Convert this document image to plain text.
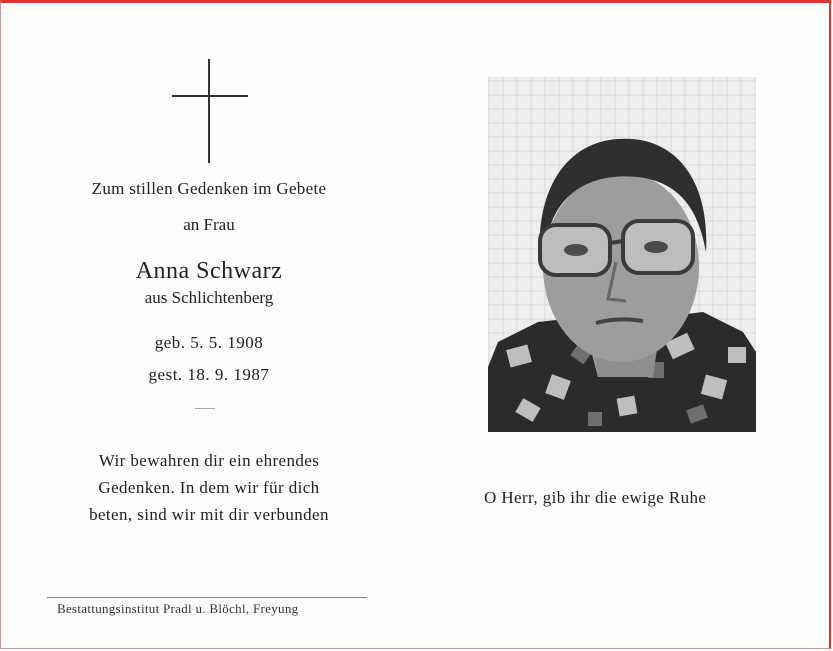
Zum stillen Gedenken im Gebete
an Frau
Anna Schwarz
aus Schlichtenberg
geb. 5. 5. 1908
gest. 18. 9. 1987
Wir bewahren dir ein ehrendes
Gedenken. In dem wir für dich
beten, sind wir mit dir verbunden
Bestattungsinstitut Pradl u. Blöchl, Freyung
O Herr, gib ihr die ewige Ruhe
